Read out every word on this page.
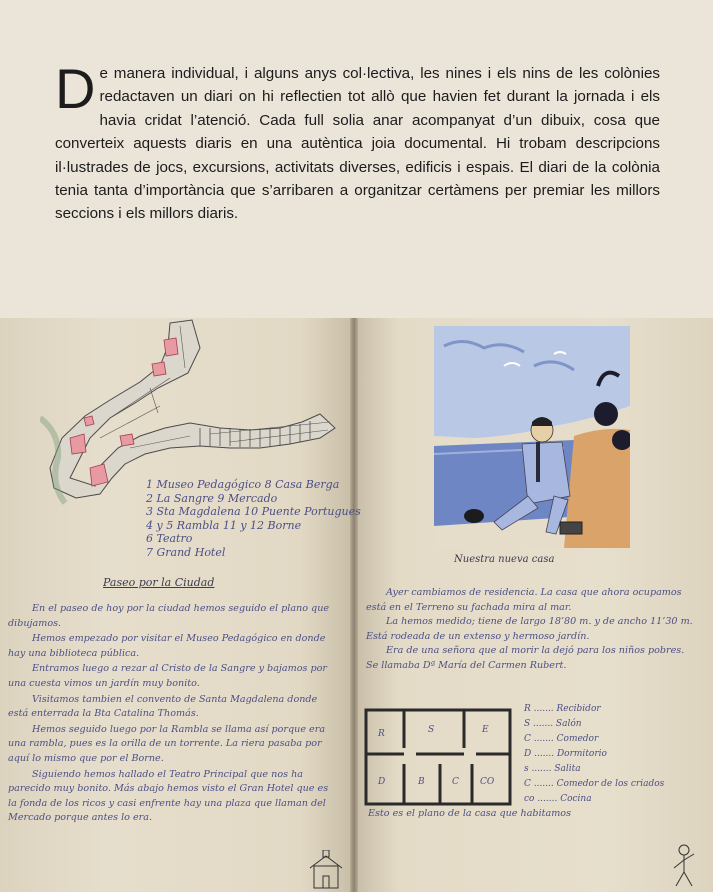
De manera individual, i alguns anys col·lectiva, les nines i els nins de les colònies redactaven un diari on hi reflectien tot allò que havien fet durant la jornada i els havia cridat l’atenció. Cada full solia anar acompanyat d’un dibuix, cosa que converteix aquests diaris en una autèntica joia documental. Hi trobam descripcions il·lustrades de jocs, excursions, activitats diverses, edificis i espais. El diari de la colònia tenia tanta d’importància que s’arribaren a organitzar certàmens per premiar les millors seccions i els millors diaris.
1 Museo Pedagógico 8 Casa Berga
2 La Sangre 9 Mercado
3 Sta Magdalena 10 Puente Portugues
4 y 5 Rambla 11 y 12 Borne
6 Teatro
7 Grand Hotel
Paseo por la Ciudad

En el paseo de hoy por la ciudad hemos seguido el plano que dibujamos.

Hemos empezado por visitar el Museo Pedagógico en donde hay una biblioteca pública.

Entramos luego a rezar al Cristo de la Sangre y bajamos por una cuesta vimos un jardín muy bonito.

Visitamos tambien el convento de Santa Magdalena donde está enterrada la Bta Catalina Thomás.

Hemos seguido luego por la Rambla se llama así porque era una rambla, pues es la orilla de un torrente. La riera pasaba por aquí lo mismo que por el Borne.

Siguiendo hemos hallado el Teatro Principal que nos ha parecido muy bonito. Más abajo hemos visto el Gran Hotel que es la fonda de los ricos y casi enfrente hay una plaza que llaman del Mercado porque antes lo era.

Nuestra nueva casa

Ayer cambiamos de residencia. La casa que ahora ocupamos está en el Terreno su fachada mira al mar.

La hemos medido; tiene de largo 18’80 m. y de ancho 11’30 m. Está rodeada de un extenso y hermoso jardín.

Era de una señora que al morir la dejó para los niños pobres. Se llamaba Dª María del Carmen Rubert.

R	S	E
D	B	C CO
R ....... Recibidor
S ....... Salón
C ....... Comedor
D ....... Dormitorio
s ....... Salita
C ....... Comedor de los criados
co ....... Cocina
Esto es el plano de la casa que habitamos
